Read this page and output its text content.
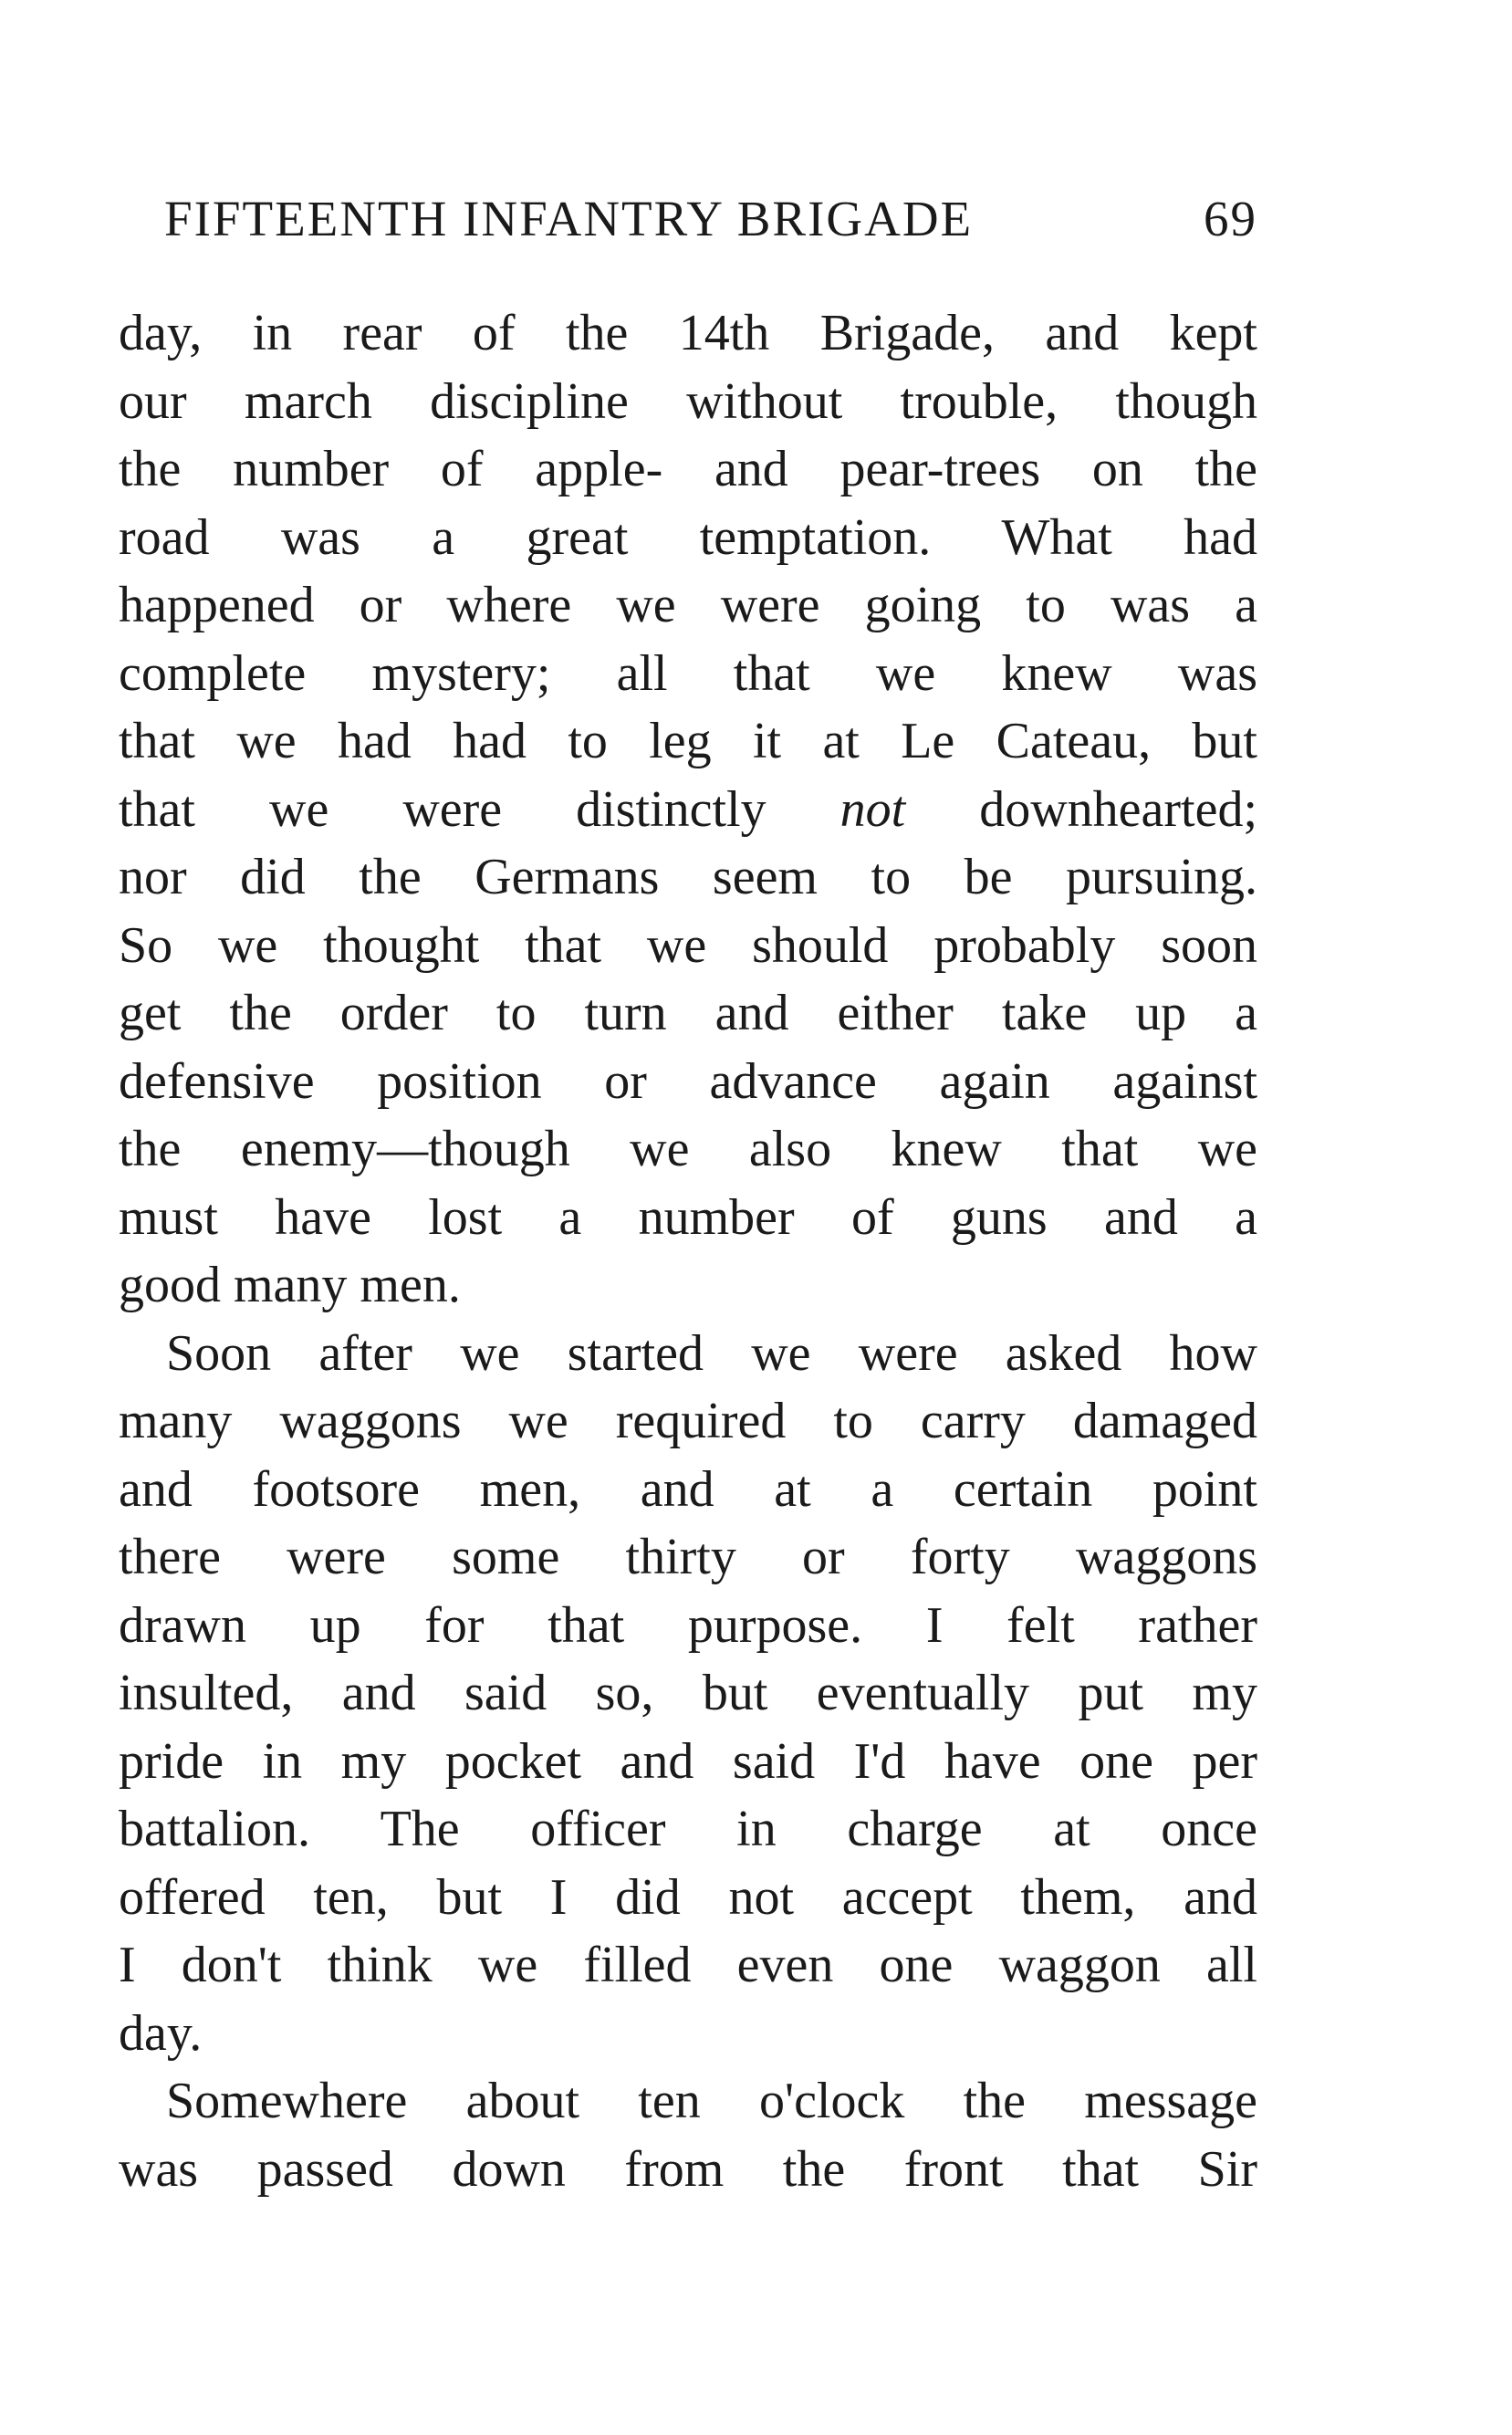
FIFTEENTH INFANTRY BRIGADE	69
day, in rear of the 14th Brigade, and kept
our march discipline without trouble, though
the number of apple- and pear-trees on the
road was a great temptation. What had
happened or where we were going to was a
complete mystery; all that we knew was
that we had had to leg it at Le Cateau, but
that we were distinctly not downhearted;
nor did the Germans seem to be pursuing.
So we thought that we should probably soon
get the order to turn and either take up a
defensive position or advance again against
the enemy—though we also knew that we
must have lost a number of guns and a
good many men.
Soon after we started we were asked how
many waggons we required to carry damaged
and footsore men, and at a certain point
there were some thirty or forty waggons
drawn up for that purpose. I felt rather
insulted, and said so, but eventually put my
pride in my pocket and said I'd have one per
battalion. The officer in charge at once
offered ten, but I did not accept them, and
I don't think we filled even one waggon all
day.
Somewhere about ten o'clock the message
was passed down from the front that Sir
